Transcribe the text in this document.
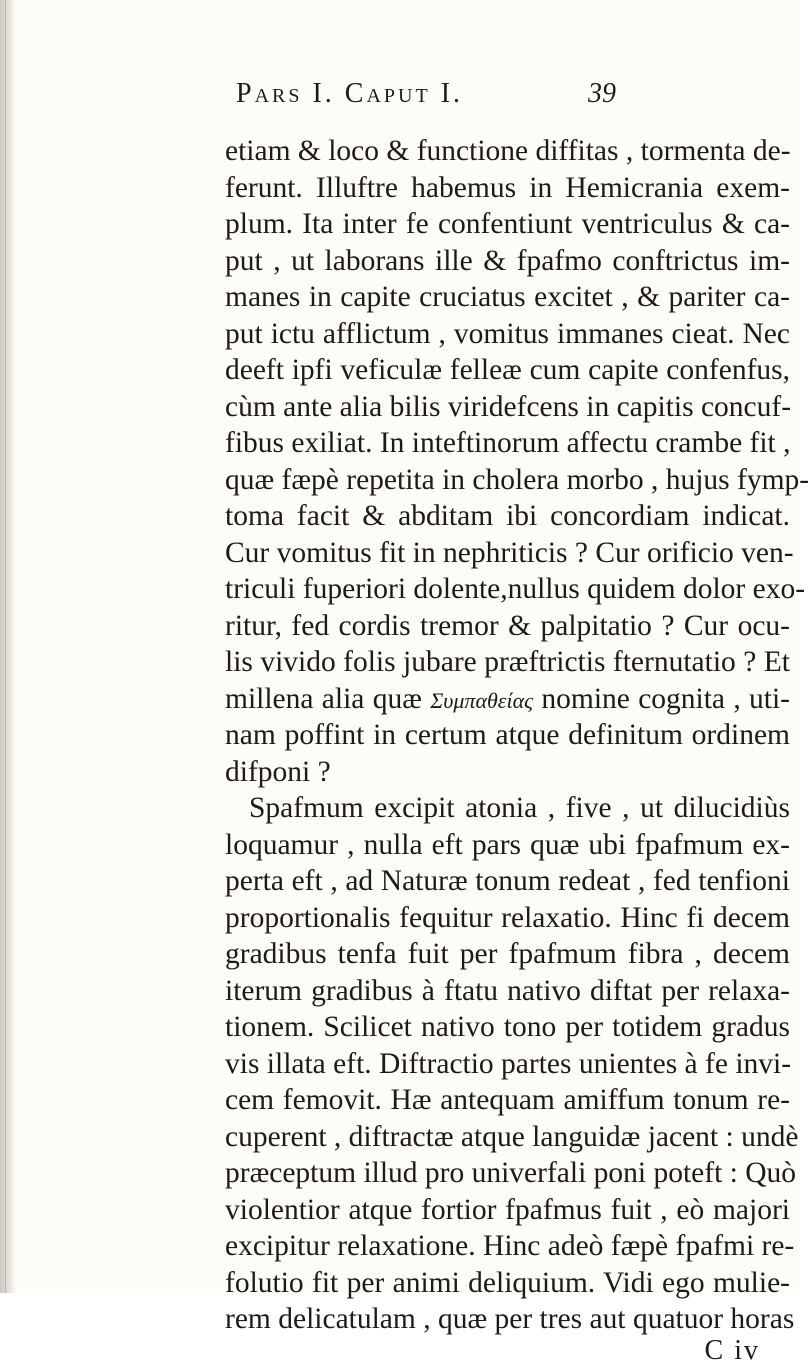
Pars I. Caput I.	39
etiam & loco & functione diffitas , tormenta de-
ferunt. Illuftre habemus in Hemicrania exem-
plum. Ita inter fe confentiunt ventriculus & ca-
put , ut laborans ille & fpafmo conftrictus im-
manes in capite cruciatus excitet , & pariter ca-
put ictu afflictum , vomitus immanes cieat. Nec
deeft ipfi veficulæ felleæ cum capite confenfus,
cùm ante alia bilis viridefcens in capitis concuf-
fibus exiliat. In inteftinorum affectu crambe fit ,
quæ fæpè repetita in cholera morbo , hujus fymp-
toma facit & abditam ibi concordiam indicat.
Cur vomitus fit in nephriticis ? Cur orificio ven-
triculi fuperiori dolente,nullus quidem dolor exo-
ritur, fed cordis tremor & palpitatio ? Cur ocu-
lis vivido folis jubare præftrictis fternutatio ? Et
millena alia quæ Συμπαθείας nomine cognita , uti-
nam poffint in certum atque definitum ordinem
difponi ?
Spafmum excipit atonia , five , ut dilucidiùs
loquamur , nulla eft pars quæ ubi fpafmum ex-
perta eft , ad Naturæ tonum redeat , fed tenfioni
proportionalis fequitur relaxatio. Hinc fi decem
gradibus tenfa fuit per fpafmum fibra , decem
iterum gradibus à ftatu nativo diftat per relaxa-
tionem. Scilicet nativo tono per totidem gradus
vis illata eft. Diftractio partes unientes à fe invi-
cem femovit. Hæ antequam amiffum tonum re-
cuperent , diftractæ atque languidæ jacent : undè
præceptum illud pro univerfali poni poteft : Quò
violentior atque fortior fpafmus fuit , eò majori
excipitur relaxatione. Hinc adeò fæpè fpafmi re-
folutio fit per animi deliquium. Vidi ego mulie-
rem delicatulam , quæ per tres aut quatuor horas
C iv
